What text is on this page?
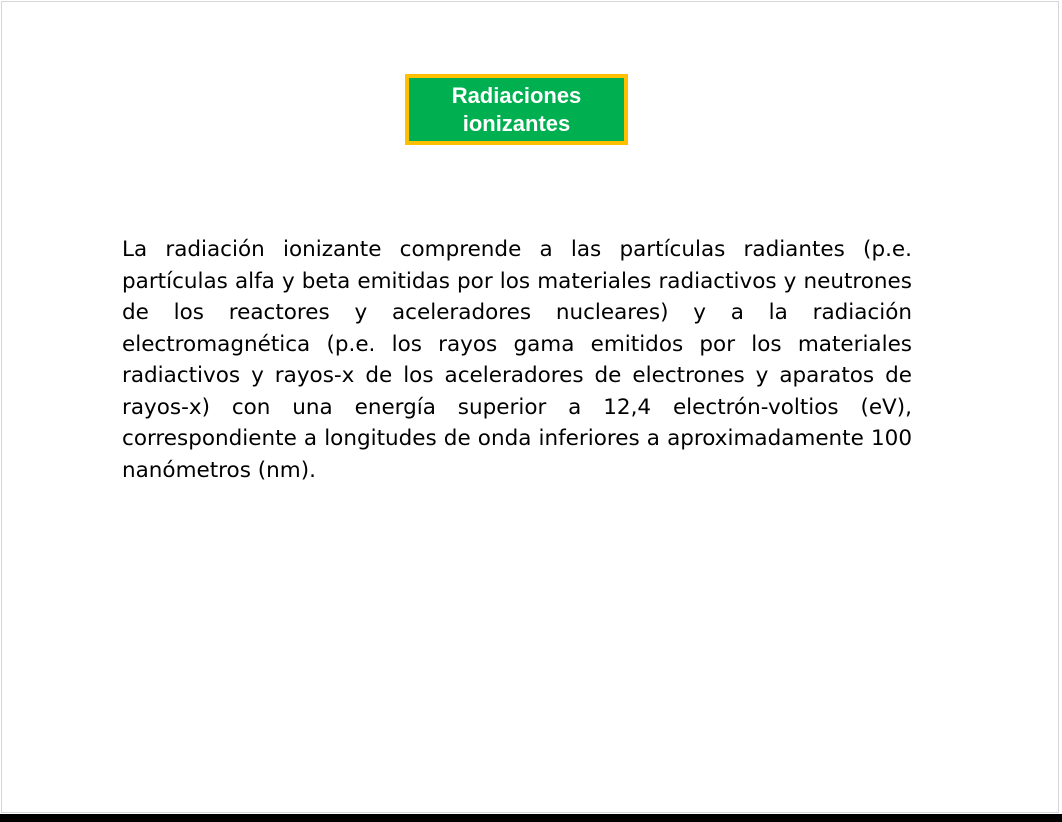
Radiaciones ionizantes

La radiación ionizante comprende a las partículas radiantes (p.e. partículas alfa y beta emitidas por los materiales radiactivos y neutrones de los reactores y aceleradores nucleares) y a la radiación electromagnética (p.e. los rayos gama emitidos por los materiales radiactivos y rayos-x de los aceleradores de electrones y aparatos de rayos-x) con una energía superior a 12,4 electrón-voltios (eV), correspondiente a longitudes de onda inferiores a aproximadamente 100 nanómetros (nm).
